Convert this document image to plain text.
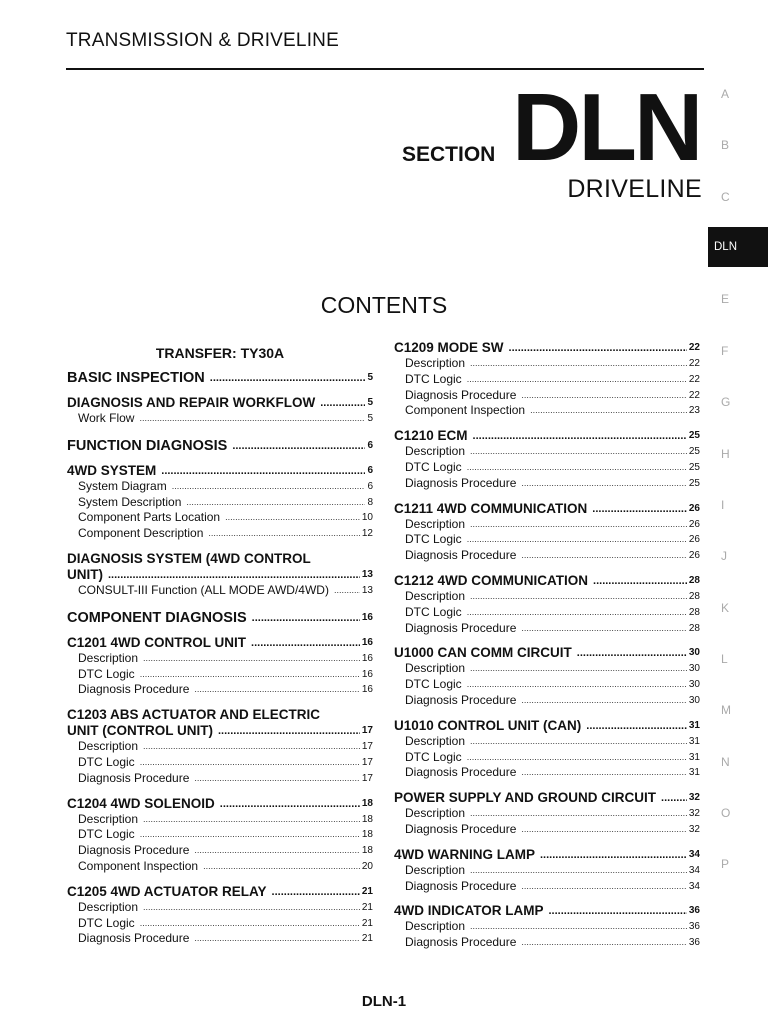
TRANSMISSION & DRIVELINE
SECTION DLN
DRIVELINE
CONTENTS
TRANSFER: TY30A
BASIC INSPECTION .....	5
DIAGNOSIS AND REPAIR WORKFLOW .....	5
Work Flow .....	5
FUNCTION DIAGNOSIS .....	6
4WD SYSTEM .....	6
System Diagram .....	6
System Description .....	8
Component Parts Location .....	10
Component Description .....	12
DIAGNOSIS SYSTEM (4WD CONTROL
UNIT) .....	13
CONSULT-III Function (ALL MODE AWD/4WD) .....	13
COMPONENT DIAGNOSIS .....	16
C1201 4WD CONTROL UNIT .....	16
Description .....	16
DTC Logic .....	16
Diagnosis Procedure .....	16
C1203 ABS ACTUATOR AND ELECTRIC
UNIT (CONTROL UNIT) .....	17
Description .....	17
DTC Logic .....	17
Diagnosis Procedure .....	17
C1204 4WD SOLENOID .....	18
Description .....	18
DTC Logic .....	18
Diagnosis Procedure .....	18
Component Inspection .....	20
C1205 4WD ACTUATOR RELAY .....	21
Description .....	21
DTC Logic .....	21
Diagnosis Procedure .....	21
C1209 MODE SW .....	22
Description .....	22
DTC Logic .....	22
Diagnosis Procedure .....	22
Component Inspection .....	23
C1210 ECM .....	25
Description .....	25
DTC Logic .....	25
Diagnosis Procedure .....	25
C1211 4WD COMMUNICATION .....	26
Description .....	26
DTC Logic .....	26
Diagnosis Procedure .....	26
C1212 4WD COMMUNICATION .....	28
Description .....	28
DTC Logic .....	28
Diagnosis Procedure .....	28
U1000 CAN COMM CIRCUIT .....	30
Description .....	30
DTC Logic .....	30
Diagnosis Procedure .....	30
U1010 CONTROL UNIT (CAN) .....	31
Description .....	31
DTC Logic .....	31
Diagnosis Procedure .....	31
POWER SUPPLY AND GROUND CIRCUIT .....	32
Description .....	32
Diagnosis Procedure .....	32
4WD WARNING LAMP .....	34
Description .....	34
Diagnosis Procedure .....	34
4WD INDICATOR LAMP .....	36
Description .....	36
Diagnosis Procedure .....	36
A
B
C
DLN
E
F
G
H
I
J
K
L
M
N
O
P
DLN-1
